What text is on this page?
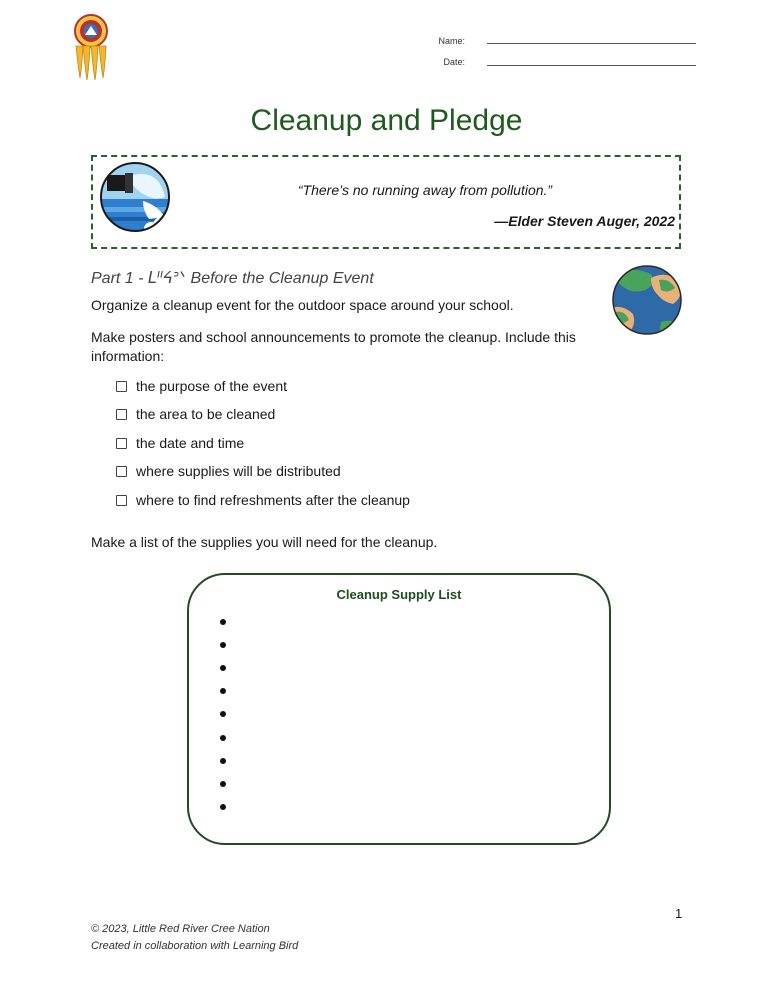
Name:
Date:
Cleanup and Pledge
“There’s no running away from pollution.”
—Elder Steven Auger, 2022
Part 1 - ᒪᐦᔦᐣᐠ Before the Cleanup Event
Organize a cleanup event for the outdoor space around your school.
Make posters and school announcements to promote the cleanup. Include this information:
the purpose of the event
the area to be cleaned
the date and time
where supplies will be distributed
where to find refreshments after the cleanup
Make a list of the supplies you will need for the cleanup.
Cleanup Supply List
1
© 2023, Little Red River Cree Nation
Created in collaboration with Learning Bird
